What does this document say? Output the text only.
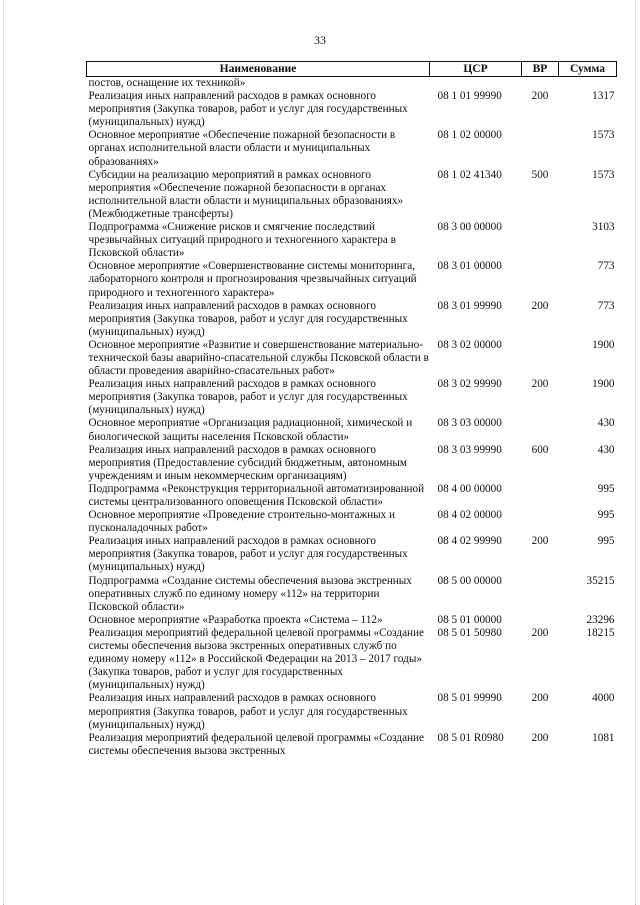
33
Наименование	ЦСР	ВР	Сумма
постов, оснащение их техникой»			
Реализация иных направлений расходов в рамках основного мероприятия (Закупка товаров, работ и услуг для государственных (муниципальных) нужд)	08 1 01 99990	200	1317
Основное мероприятие «Обеспечение пожарной безопасности в органах исполнительной власти области и муниципальных образованиях»	08 1 02 00000		1573
Субсидии на реализацию мероприятий в рамках основного мероприятия «Обеспечение пожарной безопасности в органах исполнительной власти области и муниципальных образованиях» (Межбюджетные трансферты)	08 1 02 41340	500	1573
Подпрограмма «Снижение рисков и смягчение последствий чрезвычайных ситуаций природного и техногенного характера в Псковской области»	08 3 00 00000		3103
Основное мероприятие «Совершенствование системы мониторинга, лабораторного контроля и прогнозирования чрезвычайных ситуаций природного и техногенного характера»	08 3 01 00000		773
Реализация иных направлений расходов в рамках основного мероприятия (Закупка товаров, работ и услуг для государственных (муниципальных) нужд)	08 3 01 99990	200	773
Основное мероприятие «Развитие и совершенствование материально-технической базы аварийно-спасательной службы Псковской области в области проведения аварийно-спасательных работ»	08 3 02 00000		1900
Реализация иных направлений расходов в рамках основного мероприятия (Закупка товаров, работ и услуг для государственных (муниципальных) нужд)	08 3 02 99990	200	1900
Основное мероприятие «Организация радиационной, химической и биологической защиты населения Псковской области»	08 3 03 00000		430
Реализация иных направлений расходов в рамках основного мероприятия (Предоставление субсидий бюджетным, автономным учреждениям и иным некоммерческим организациям)	08 3 03 99990	600	430
Подпрограмма «Реконструкция территориальной автоматизированной системы централизованного оповещения Псковской области»	08 4 00 00000		995
Основное мероприятие «Проведение строительно-монтажных и пусконаладочных работ»	08 4 02 00000		995
Реализация иных направлений расходов в рамках основного мероприятия (Закупка товаров, работ и услуг для государственных (муниципальных) нужд)	08 4 02 99990	200	995
Подпрограмма «Создание системы обеспечения вызова экстренных оперативных служб по единому номеру «112» на территории Псковской области»	08 5 00 00000		35215
Основное мероприятие «Разработка проекта «Система – 112»	08 5 01 00000		23296
Реализация мероприятий федеральной целевой программы «Создание системы обеспечения вызова экстренных оперативных служб по единому номеру «112» в Российской Федерации на 2013 – 2017 годы» (Закупка товаров, работ и услуг для государственных (муниципальных) нужд)	08 5 01 50980	200	18215
Реализация иных направлений расходов в рамках основного мероприятия (Закупка товаров, работ и услуг для государственных (муниципальных) нужд)	08 5 01 99990	200	4000
Реализация мероприятий федеральной целевой программы «Создание системы обеспечения вызова экстренных	08 5 01 R0980	200	1081
